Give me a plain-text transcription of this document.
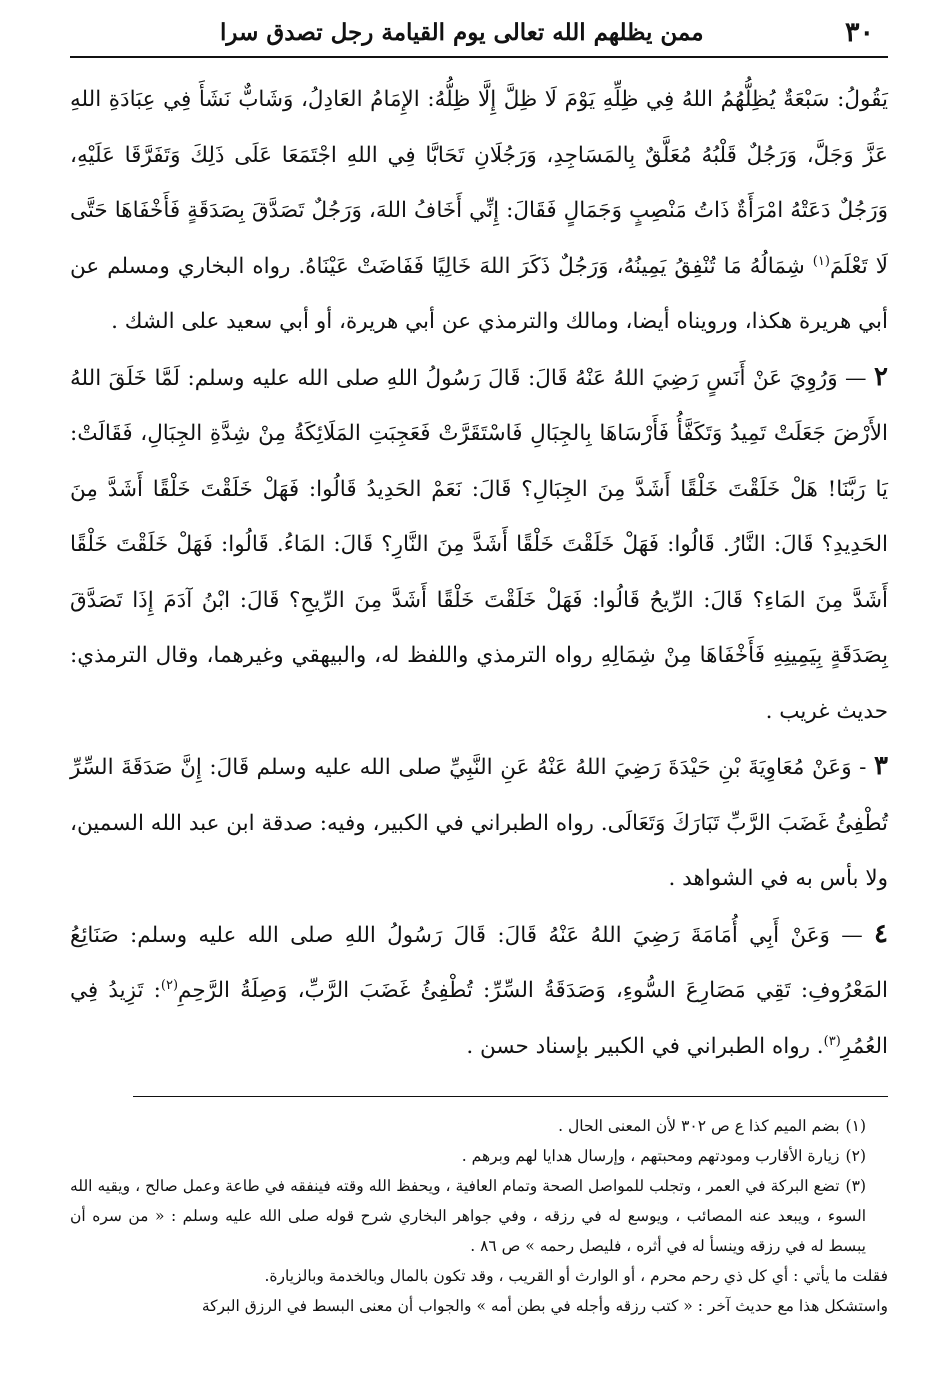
٣٠
ممن يظلهم الله تعالى يوم القيامة رجل تصدق سرا

يَقُولُ: سَبْعَةٌ يُظِلُّهُمُ اللهُ فِي ظِلِّهِ يَوْمَ لَا ظِلَّ إِلَّا ظِلُّهُ: الإِمَامُ العَادِلُ، وَشَابٌّ نَشَأَ فِي عِبَادَةِ اللهِ عَزَّ وَجَلَّ، وَرَجُلٌ قَلْبُهُ مُعَلَّقٌ بِالمَسَاجِدِ، وَرَجُلَانِ تَحَابَّا فِي اللهِ اجْتَمَعَا عَلَى ذَلِكَ وَتَفَرَّقَا عَلَيْهِ، وَرَجُلٌ دَعَتْهُ امْرَأَةٌ ذَاتُ مَنْصِبٍ وَجَمَالٍ فَقَالَ: إِنِّي أَخَافُ اللهَ، وَرَجُلٌ تَصَدَّقَ بِصَدَقَةٍ فَأَخْفَاهَا حَتَّى لَا تَعْلَمَ$^{(١)}$ شِمَالُهُ مَا تُنْفِقُ يَمِينُهُ، وَرَجُلٌ ذَكَرَ اللهَ خَالِيًا فَفَاضَتْ عَيْنَاهُ. رواه البخاري ومسلم عن أبي هريرة هكذا، ورويناه أيضا، ومالك والترمذي عن أبي هريرة، أو أبي سعيد على الشك .

٢ — وَرُوِيَ عَنْ أَنَسٍ رَضِيَ اللهُ عَنْهُ قَالَ: قَالَ رَسُولُ اللهِ صلى الله عليه وسلم: لَمَّا خَلَقَ اللهُ الأَرْضَ جَعَلَتْ تَمِيدُ وَتَكَفَّأُ فَأَرْسَاهَا بِالجِبَالِ فَاسْتَقَرَّتْ فَعَجِبَتِ المَلَائِكَةُ مِنْ شِدَّةِ الجِبَالِ، فَقَالَتْ: يَا رَبَّنَا! هَلْ خَلَقْتَ خَلْقًا أَشَدَّ مِنَ الجِبَالِ؟ قَالَ: نَعَمْ الحَدِيدُ قَالُوا: فَهَلْ خَلَقْتَ خَلْقًا أَشَدَّ مِنَ الحَدِيدِ؟ قَالَ: النَّارُ. قَالُوا: فَهَلْ خَلَقْتَ خَلْقًا أَشَدَّ مِنَ النَّارِ؟ قَالَ: المَاءُ. قَالُوا: فَهَلْ خَلَقْتَ خَلْقًا أَشَدَّ مِنَ المَاءِ؟ قَالَ: الرِّيحُ قَالُوا: فَهَلْ خَلَقْتَ خَلْقًا أَشَدَّ مِنَ الرِّيحِ؟ قَالَ: ابْنُ آدَمَ إِذَا تَصَدَّقَ بِصَدَقَةٍ بِيَمِينِهِ فَأَخْفَاهَا مِنْ شِمَالِهِ رواه الترمذي واللفظ له، والبيهقي وغيرهما، وقال الترمذي: حديث غريب .

٣ - وَعَنْ مُعَاوِيَةَ بْنِ حَيْدَةَ رَضِيَ اللهُ عَنْهُ عَنِ النَّبِيِّ صلى الله عليه وسلم قَالَ: إِنَّ صَدَقَةَ السِّرِّ تُطْفِئُ غَضَبَ الرَّبِّ تَبَارَكَ وَتَعَالَى. رواه الطبراني في الكبير، وفيه: صدقة ابن عبد الله السمين، ولا بأس به في الشواهد .

٤ — وَعَنْ أَبِي أُمَامَةَ رَضِيَ اللهُ عَنْهُ قَالَ: قَالَ رَسُولُ اللهِ صلى الله عليه وسلم: صَنَائِعُ المَعْرُوفِ: تَقِي مَصَارِعَ السُّوءِ، وَصَدَقَةُ السِّرِّ: تُطْفِئُ غَضَبَ الرَّبِّ، وَصِلَةُ الرَّحِمِ$^{(٢)}$: تَزِيدُ فِي العُمُرِ$^{(٣)}$. رواه الطبراني في الكبير بإسناد حسن .

(١)بضم الميم كذا ع ص ٣٠٢ لأن المعنى الحال .

(٢)زيارة الأقارب ومودتهم ومحبتهم ، وإرسال هدايا لهم وبرهم .

(٣)تضع البركة في العمر ، وتجلب للمواصل الصحة وتمام العافية ، ويحفظ الله وقته فينفقه في طاعة وعمل صالح ، ويقيه الله السوء ، ويبعد عنه المصائب ، ويوسع له في رزقه ، وفي جواهر البخاري شرح قوله صلى الله عليه وسلم : « من سره أن يبسط له في رزقه وينسأ له في أثره ، فليصل رحمه » ص ٨٦ .

فقلت ما يأتي : أي كل ذي رحم محرم ، أو الوارث أو القريب ، وقد تكون بالمال وبالخدمة وبالزيارة.

واستشكل هذا مع حديث آخر : « كتب رزقه وأجله في بطن أمه » والجواب أن معنى البسط في الرزق البركة
